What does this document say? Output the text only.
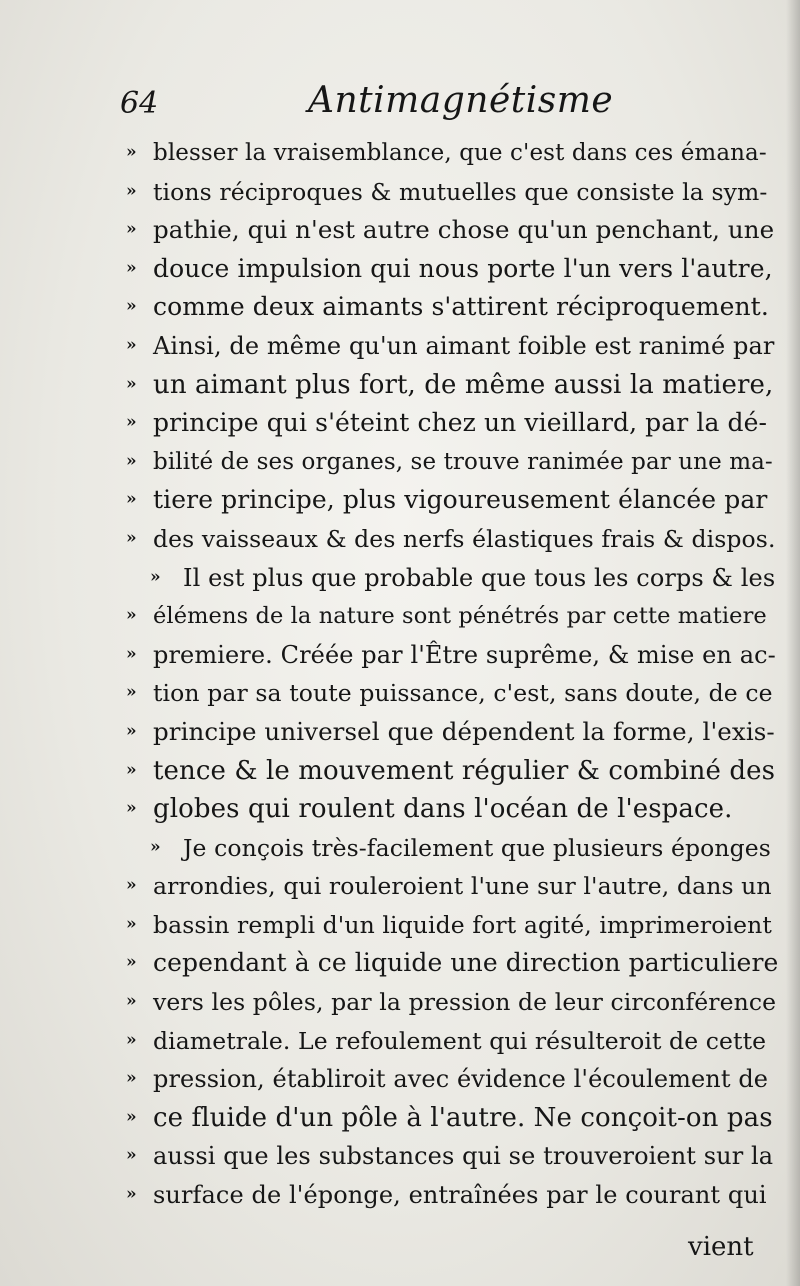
64	Antimagnétisme
» blesser la vraisemblance, que c'est dans ces émana-
» tions réciproques & mutuelles que consiste la sym-
» pathie, qui n'est autre chose qu'un penchant, une
» douce impulsion qui nous porte l'un vers l'autre,
» comme deux aimants s'attirent réciproquement.
» Ainsi, de même qu'un aimant foible est ranimé par
» un aimant plus fort, de même aussi la matiere,
» principe qui s'éteint chez un vieillard, par la dé-
» bilité de ses organes, se trouve ranimée par une ma-
» tiere principe, plus vigoureusement élancée par
» des vaisseaux & des nerfs élastiques frais & dispos.
» Il est plus que probable que tous les corps & les
» élémens de la nature sont pénétrés par cette matiere
» premiere. Créée par l'Être suprême, & mise en ac-
» tion par sa toute puissance, c'est, sans doute, de ce
» principe universel que dépendent la forme, l'exis-
» tence & le mouvement régulier & combiné des
» globes qui roulent dans l'océan de l'espace.
» Je conçois très-facilement que plusieurs éponges
» arrondies, qui rouleroient l'une sur l'autre, dans un
» bassin rempli d'un liquide fort agité, imprimeroient
» cependant à ce liquide une direction particuliere
» vers les pôles, par la pression de leur circonférence
» diametrale. Le refoulement qui résulteroit de cette
» pression, établiroit avec évidence l'écoulement de
» ce fluide d'un pôle à l'autre. Ne conçoit-on pas
» aussi que les substances qui se trouveroient sur la
» surface de l'éponge, entraînées par le courant qui
vient
